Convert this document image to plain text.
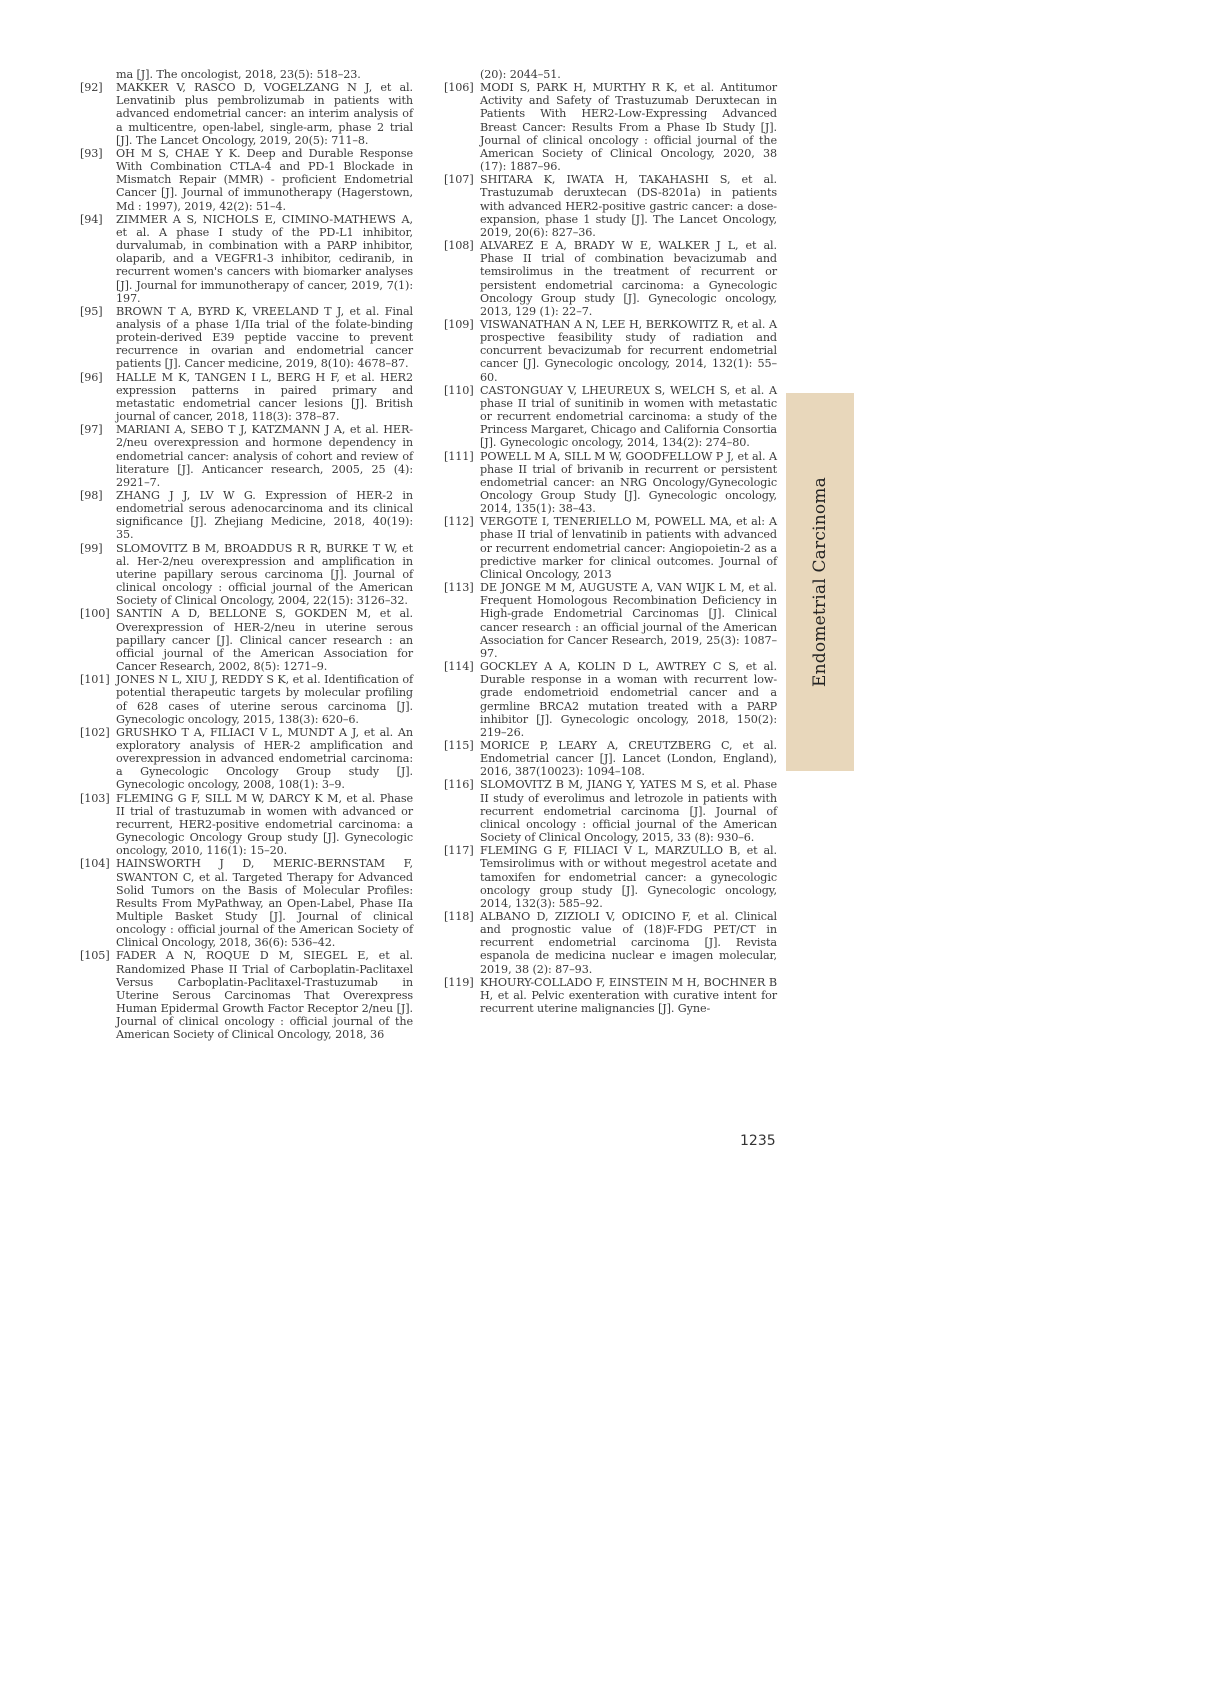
ma [J]. The oncologist, 2018, 23(5): 518–23.

[92] MAKKER V, RASCO D, VOGELZANG N J, et al. Lenvatinib plus pembrolizumab in patients with advanced endometrial cancer: an interim analysis of a multicentre, open-label, single-arm, phase 2 trial [J]. The Lancet Oncology, 2019, 20(5): 711–8.

[93] OH M S, CHAE Y K. Deep and Durable Response With Combination CTLA-4 and PD-1 Blockade in Mismatch Repair (MMR) - proficient Endometrial Cancer [J]. Journal of immunotherapy (Hagerstown, Md : 1997), 2019, 42(2): 51–4.

[94] ZIMMER A S, NICHOLS E, CIMINO-MATHEWS A, et al. A phase I study of the PD-L1 inhibitor, durvalumab, in combination with a PARP inhibitor, olaparib, and a VEGFR1-3 inhibitor, cediranib, in recurrent women's cancers with biomarker analyses [J]. Journal for immunotherapy of cancer, 2019, 7(1): 197.

[95] BROWN T A, BYRD K, VREELAND T J, et al. Final analysis of a phase 1/IIa trial of the folate-binding protein-derived E39 peptide vaccine to prevent recurrence in ovarian and endometrial cancer patients [J]. Cancer medicine, 2019, 8(10): 4678–87.

[96] HALLE M K, TANGEN I L, BERG H F, et al. HER2 expression patterns in paired primary and metastatic endometrial cancer lesions [J]. British journal of cancer, 2018, 118(3): 378–87.

[97] MARIANI A, SEBO T J, KATZMANN J A, et al. HER-2/neu overexpression and hormone dependency in endometrial cancer: analysis of cohort and review of literature [J]. Anticancer research, 2005, 25 (4): 2921–7.

[98] ZHANG J J, LV W G. Expression of HER-2 in endometrial serous adenocarcinoma and its clinical significance [J]. Zhejiang Medicine, 2018, 40(19): 35.

[99] SLOMOVITZ B M, BROADDUS R R, BURKE T W, et al. Her-2/neu overexpression and amplification in uterine papillary serous carcinoma [J]. Journal of clinical oncology : official journal of the American Society of Clinical Oncology, 2004, 22(15): 3126–32.

[100] SANTIN A D, BELLONE S, GOKDEN M, et al. Overexpression of HER-2/neu in uterine serous papillary cancer [J]. Clinical cancer research : an official journal of the American Association for Cancer Research, 2002, 8(5): 1271–9.

[101] JONES N L, XIU J, REDDY S K, et al. Identification of potential therapeutic targets by molecular profiling of 628 cases of uterine serous carcinoma [J]. Gynecologic oncology, 2015, 138(3): 620–6.

[102] GRUSHKO T A, FILIACI V L, MUNDT A J, et al. An exploratory analysis of HER-2 amplification and overexpression in advanced endometrial carcinoma: a Gynecologic Oncology Group study [J]. Gynecologic oncology, 2008, 108(1): 3–9.

[103] FLEMING G F, SILL M W, DARCY K M, et al. Phase II trial of trastuzumab in women with advanced or recurrent, HER2-positive endometrial carcinoma: a Gynecologic Oncology Group study [J]. Gynecologic oncology, 2010, 116(1): 15–20.

[104] HAINSWORTH J D, MERIC-BERNSTAM F, SWANTON C, et al. Targeted Therapy for Advanced Solid Tumors on the Basis of Molecular Profiles: Results From MyPathway, an Open-Label, Phase IIa Multiple Basket Study [J]. Journal of clinical oncology : official journal of the American Society of Clinical Oncology, 2018, 36(6): 536–42.

[105] FADER A N, ROQUE D M, SIEGEL E, et al. Randomized Phase II Trial of Carboplatin-Paclitaxel Versus Carboplatin-Paclitaxel-Trastuzumab in Uterine Serous Carcinomas That Overexpress Human Epidermal Growth Factor Receptor 2/neu [J]. Journal of clinical oncology : official journal of the American Society of Clinical Oncology, 2018, 36

(20): 2044–51.

[106] MODI S, PARK H, MURTHY R K, et al. Antitumor Activity and Safety of Trastuzumab Deruxtecan in Patients With HER2-Low-Expressing Advanced Breast Cancer: Results From a Phase Ib Study [J]. Journal of clinical oncology : official journal of the American Society of Clinical Oncology, 2020, 38 (17): 1887–96.

[107] SHITARA K, IWATA H, TAKAHASHI S, et al. Trastuzumab deruxtecan (DS-8201a) in patients with advanced HER2-positive gastric cancer: a dose-expansion, phase 1 study [J]. The Lancet Oncology, 2019, 20(6): 827–36.

[108] ALVAREZ E A, BRADY W E, WALKER J L, et al. Phase II trial of combination bevacizumab and temsirolimus in the treatment of recurrent or persistent endometrial carcinoma: a Gynecologic Oncology Group study [J]. Gynecologic oncology, 2013, 129 (1): 22–7.

[109] VISWANATHAN A N, LEE H, BERKOWITZ R, et al. A prospective feasibility study of radiation and concurrent bevacizumab for recurrent endometrial cancer [J]. Gynecologic oncology, 2014, 132(1): 55–60.

[110] CASTONGUAY V, LHEUREUX S, WELCH S, et al. A phase II trial of sunitinib in women with metastatic or recurrent endometrial carcinoma: a study of the Princess Margaret, Chicago and California Consortia [J]. Gynecologic oncology, 2014, 134(2): 274–80.

[111] POWELL M A, SILL M W, GOODFELLOW P J, et al. A phase II trial of brivanib in recurrent or persistent endometrial cancer: an NRG Oncology/Gynecologic Oncology Group Study [J]. Gynecologic oncology, 2014, 135(1): 38–43.

[112] VERGOTE I, TENERIELLO M, POWELL MA, et al: A phase II trial of lenvatinib in patients with advanced or recurrent endometrial cancer: Angiopoietin-2 as a predictive marker for clinical outcomes. Journal of Clinical Oncology, 2013

[113] DE JONGE M M, AUGUSTE A, VAN WIJK L M, et al. Frequent Homologous Recombination Deficiency in High-grade Endometrial Carcinomas [J]. Clinical cancer research : an official journal of the American Association for Cancer Research, 2019, 25(3): 1087–97.

[114] GOCKLEY A A, KOLIN D L, AWTREY C S, et al. Durable response in a woman with recurrent low-grade endometrioid endometrial cancer and a germline BRCA2 mutation treated with a PARP inhibitor [J]. Gynecologic oncology, 2018, 150(2): 219–26.

[115] MORICE P, LEARY A, CREUTZBERG C, et al. Endometrial cancer [J]. Lancet (London, England), 2016, 387(10023): 1094–108.

[116] SLOMOVITZ B M, JIANG Y, YATES M S, et al. Phase II study of everolimus and letrozole in patients with recurrent endometrial carcinoma [J]. Journal of clinical oncology : official journal of the American Society of Clinical Oncology, 2015, 33 (8): 930–6.

[117] FLEMING G F, FILIACI V L, MARZULLO B, et al. Temsirolimus with or without megestrol acetate and tamoxifen for endometrial cancer: a gynecologic oncology group study [J]. Gynecologic oncology, 2014, 132(3): 585–92.

[118] ALBANO D, ZIZIOLI V, ODICINO F, et al. Clinical and prognostic value of (18)F-FDG PET/CT in recurrent endometrial carcinoma [J]. Revista espanola de medicina nuclear e imagen molecular, 2019, 38 (2): 87–93.

[119] KHOURY-COLLADO F, EINSTEIN M H, BOCHNER B H, et al. Pelvic exenteration with curative intent for recurrent uterine malignancies [J]. Gyne-

Endometrial Carcinoma
1235
